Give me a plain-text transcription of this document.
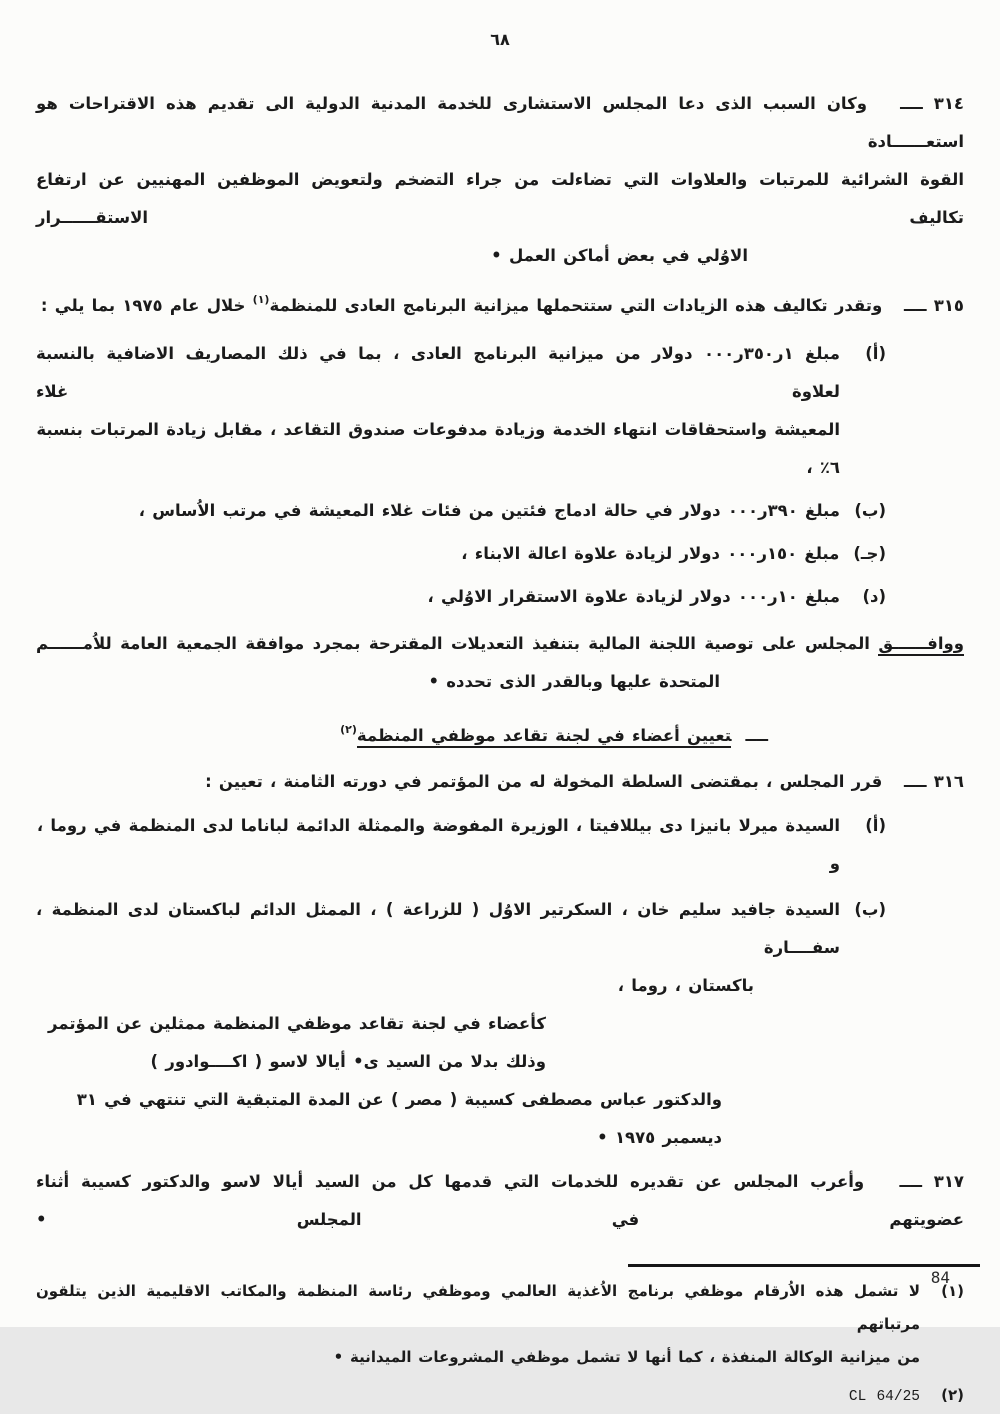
٦٨
٣١٤ ــــ   وكان السبب الذى دعا المجلس الاستشارى للخدمة المدنية الدولية الى تقديم هذه الاقتراحات هو استعــــــادة
القوة الشرائية للمرتبات والعلاوات التي تضاءلت من جراء التضخم ولتعويض الموظفين المهنيين عن ارتفاع تكاليف الاستقــــــرار
الاوُلي في بعض أماكن العمل •
٣١٥ ــــ   وتقدر تكاليف هذه الزيادات التي ستتحملها ميزانية البرنامج العادى للمنظمة$^{(١)}$ خلال عام ١٩٧٥ بما يلي :
(أ)
مبلغ ١ر٣٥٠ر٠٠٠ دولار من ميزانية البرنامج العادى ، بما في ذلك المصاريف الاضافية بالنسبة لعلاوة غلاء
المعيشة واستحقاقات انتهاء الخدمة وزيادة مدفوعات صندوق التقاعد ، مقابل زيادة المرتبات بنسبة ٦٪ ،
(ب)
مبلغ ٣٩٠ر٠٠٠ دولار في حالة ادماج فئتين من فئات غلاء المعيشة في مرتب الاُساس ،
(جـ)
مبلغ ١٥٠ر٠٠٠ دولار لزيادة علاوة اعالة الابناء ،
(د)
مبلغ ١٠ر٠٠٠ دولار لزيادة علاوة الاستقرار الاوُلي ،
ووافــــــق المجلس على توصية اللجنة المالية بتنفيذ التعديلات المقترحة بمجرد موافقة الجمعية العامة للاُمــــــم
المتحدة عليها وبالقدر الذى تحدده •
ــــتعيين أعضاء في لجنة تقاعد موظفي المنظمة$^{(٢)}$
٣١٦ ــــ   قرر المجلس ، بمقتضى السلطة المخولة له من المؤتمر في دورته الثامنة ، تعيين :
(أ)
السيدة ميرلا بانيزا دى بيللافيتا ، الوزيرة المفوضة والممثلة الدائمة لباناما لدى المنظمة في روما ، و
(ب)
السيدة جافيد سليم خان ، السكرتير الاوُل ( للزراعة ) ، الممثل الدائم لباكستان لدى المنظمة ، سفــــارة
باكستان ، روما ،
كأعضاء في لجنة تقاعد موظفي المنظمة ممثلين عن المؤتمر وذلك بدلا من السيد ى• أيالا لاسو ( اكــــوادور )
والدكتور عباس مصطفى كسيبة ( مصر ) عن المدة المتبقية التي تنتهي في ٣١ ديسمبر ١٩٧٥ •
٣١٧ ــــ   وأعرب المجلس عن تقديره للخدمات التي قدمها كل من السيد أيالا لاسو والدكتور كسيبة أثناء عضويتهم في المجلس •
(١)
لا تشمل هذه الاُرقام موظفي برنامج الاُغذية العالمي وموظفي رئاسة المنظمة والمكاتب الاقليمية الذين يتلقون مرتباتهم
من ميزانية الوكالة المنفذة ، كما أنها لا تشمل موظفي المشروعات الميدانية •
(٢)
CL 64/25
84
